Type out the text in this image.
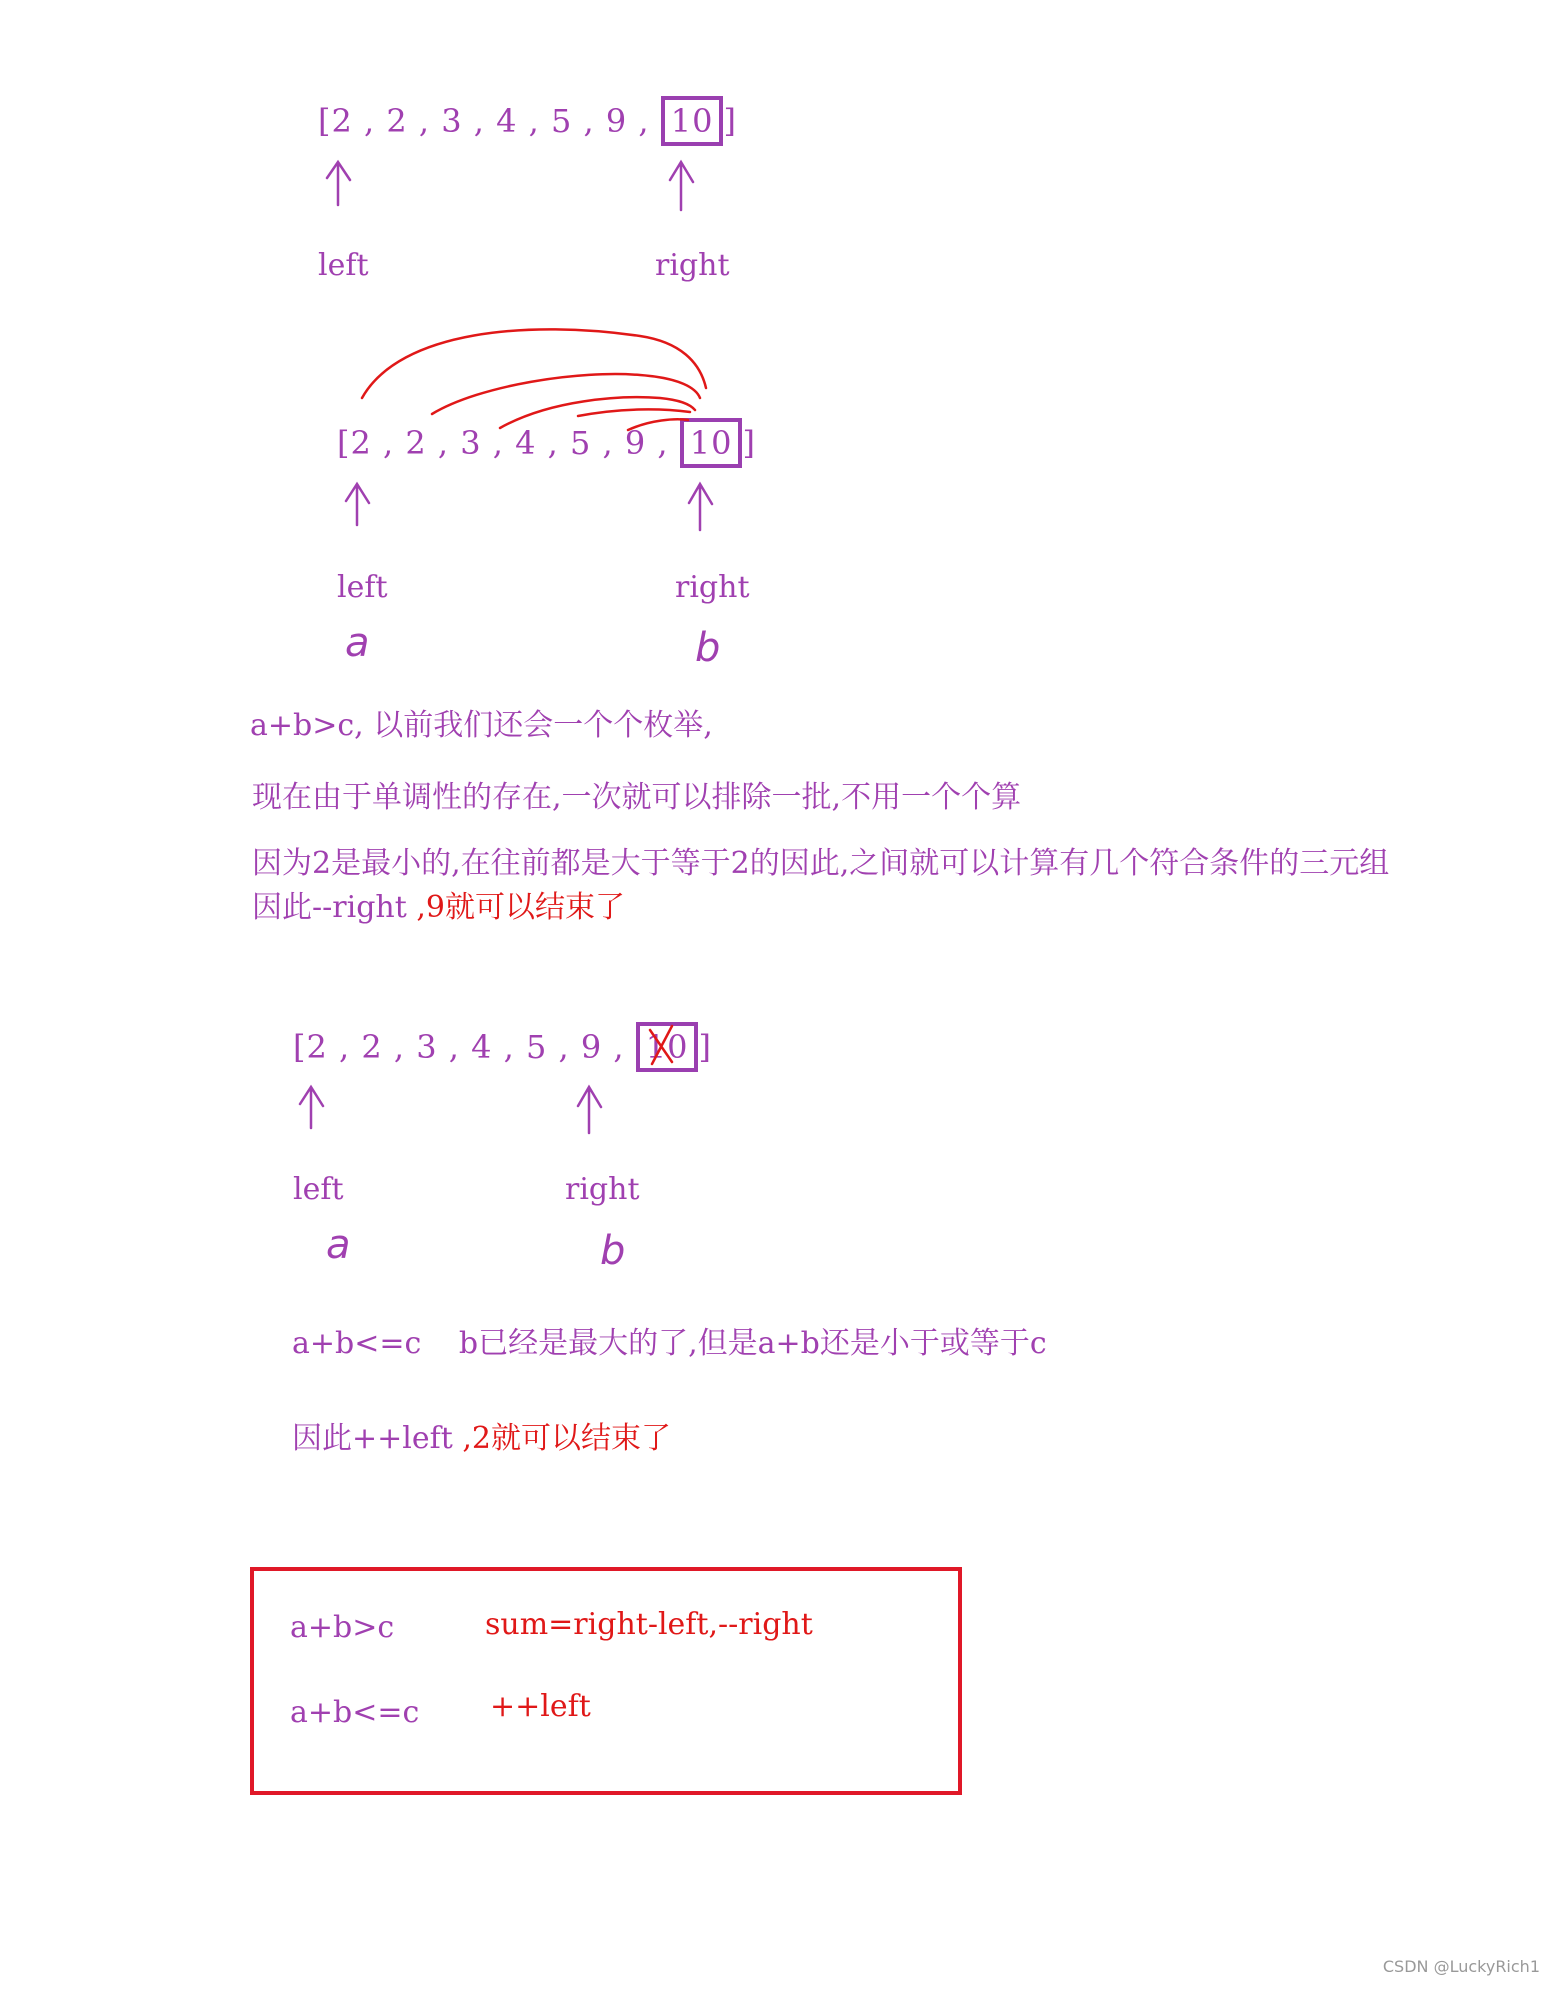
[2 , 2 , 3 , 4 , 5 , 9 , 10 ]
left	right
[2 , 2 , 3 , 4 , 5 , 9 , 10 ]
left	right
a	b
a+b>c, 以前我们还会一个个枚举,
现在由于单调性的存在,一次就可以排除一批,不用一个个算
因为2是最小的,在往前都是大于等于2的因此,之间就可以计算有几个符合条件的三元组
因此--right ,9就可以结束了
[2 , 2 , 3 , 4 , 5 , 9 , 10 ]
left	right
a	b
a+b<=c b已经是最大的了,但是a+b还是小于或等于c
因此++left ,2就可以结束了
a+b>c	sum=right-left,--right
a+b<=c ++left
CSDN @LuckyRich1
